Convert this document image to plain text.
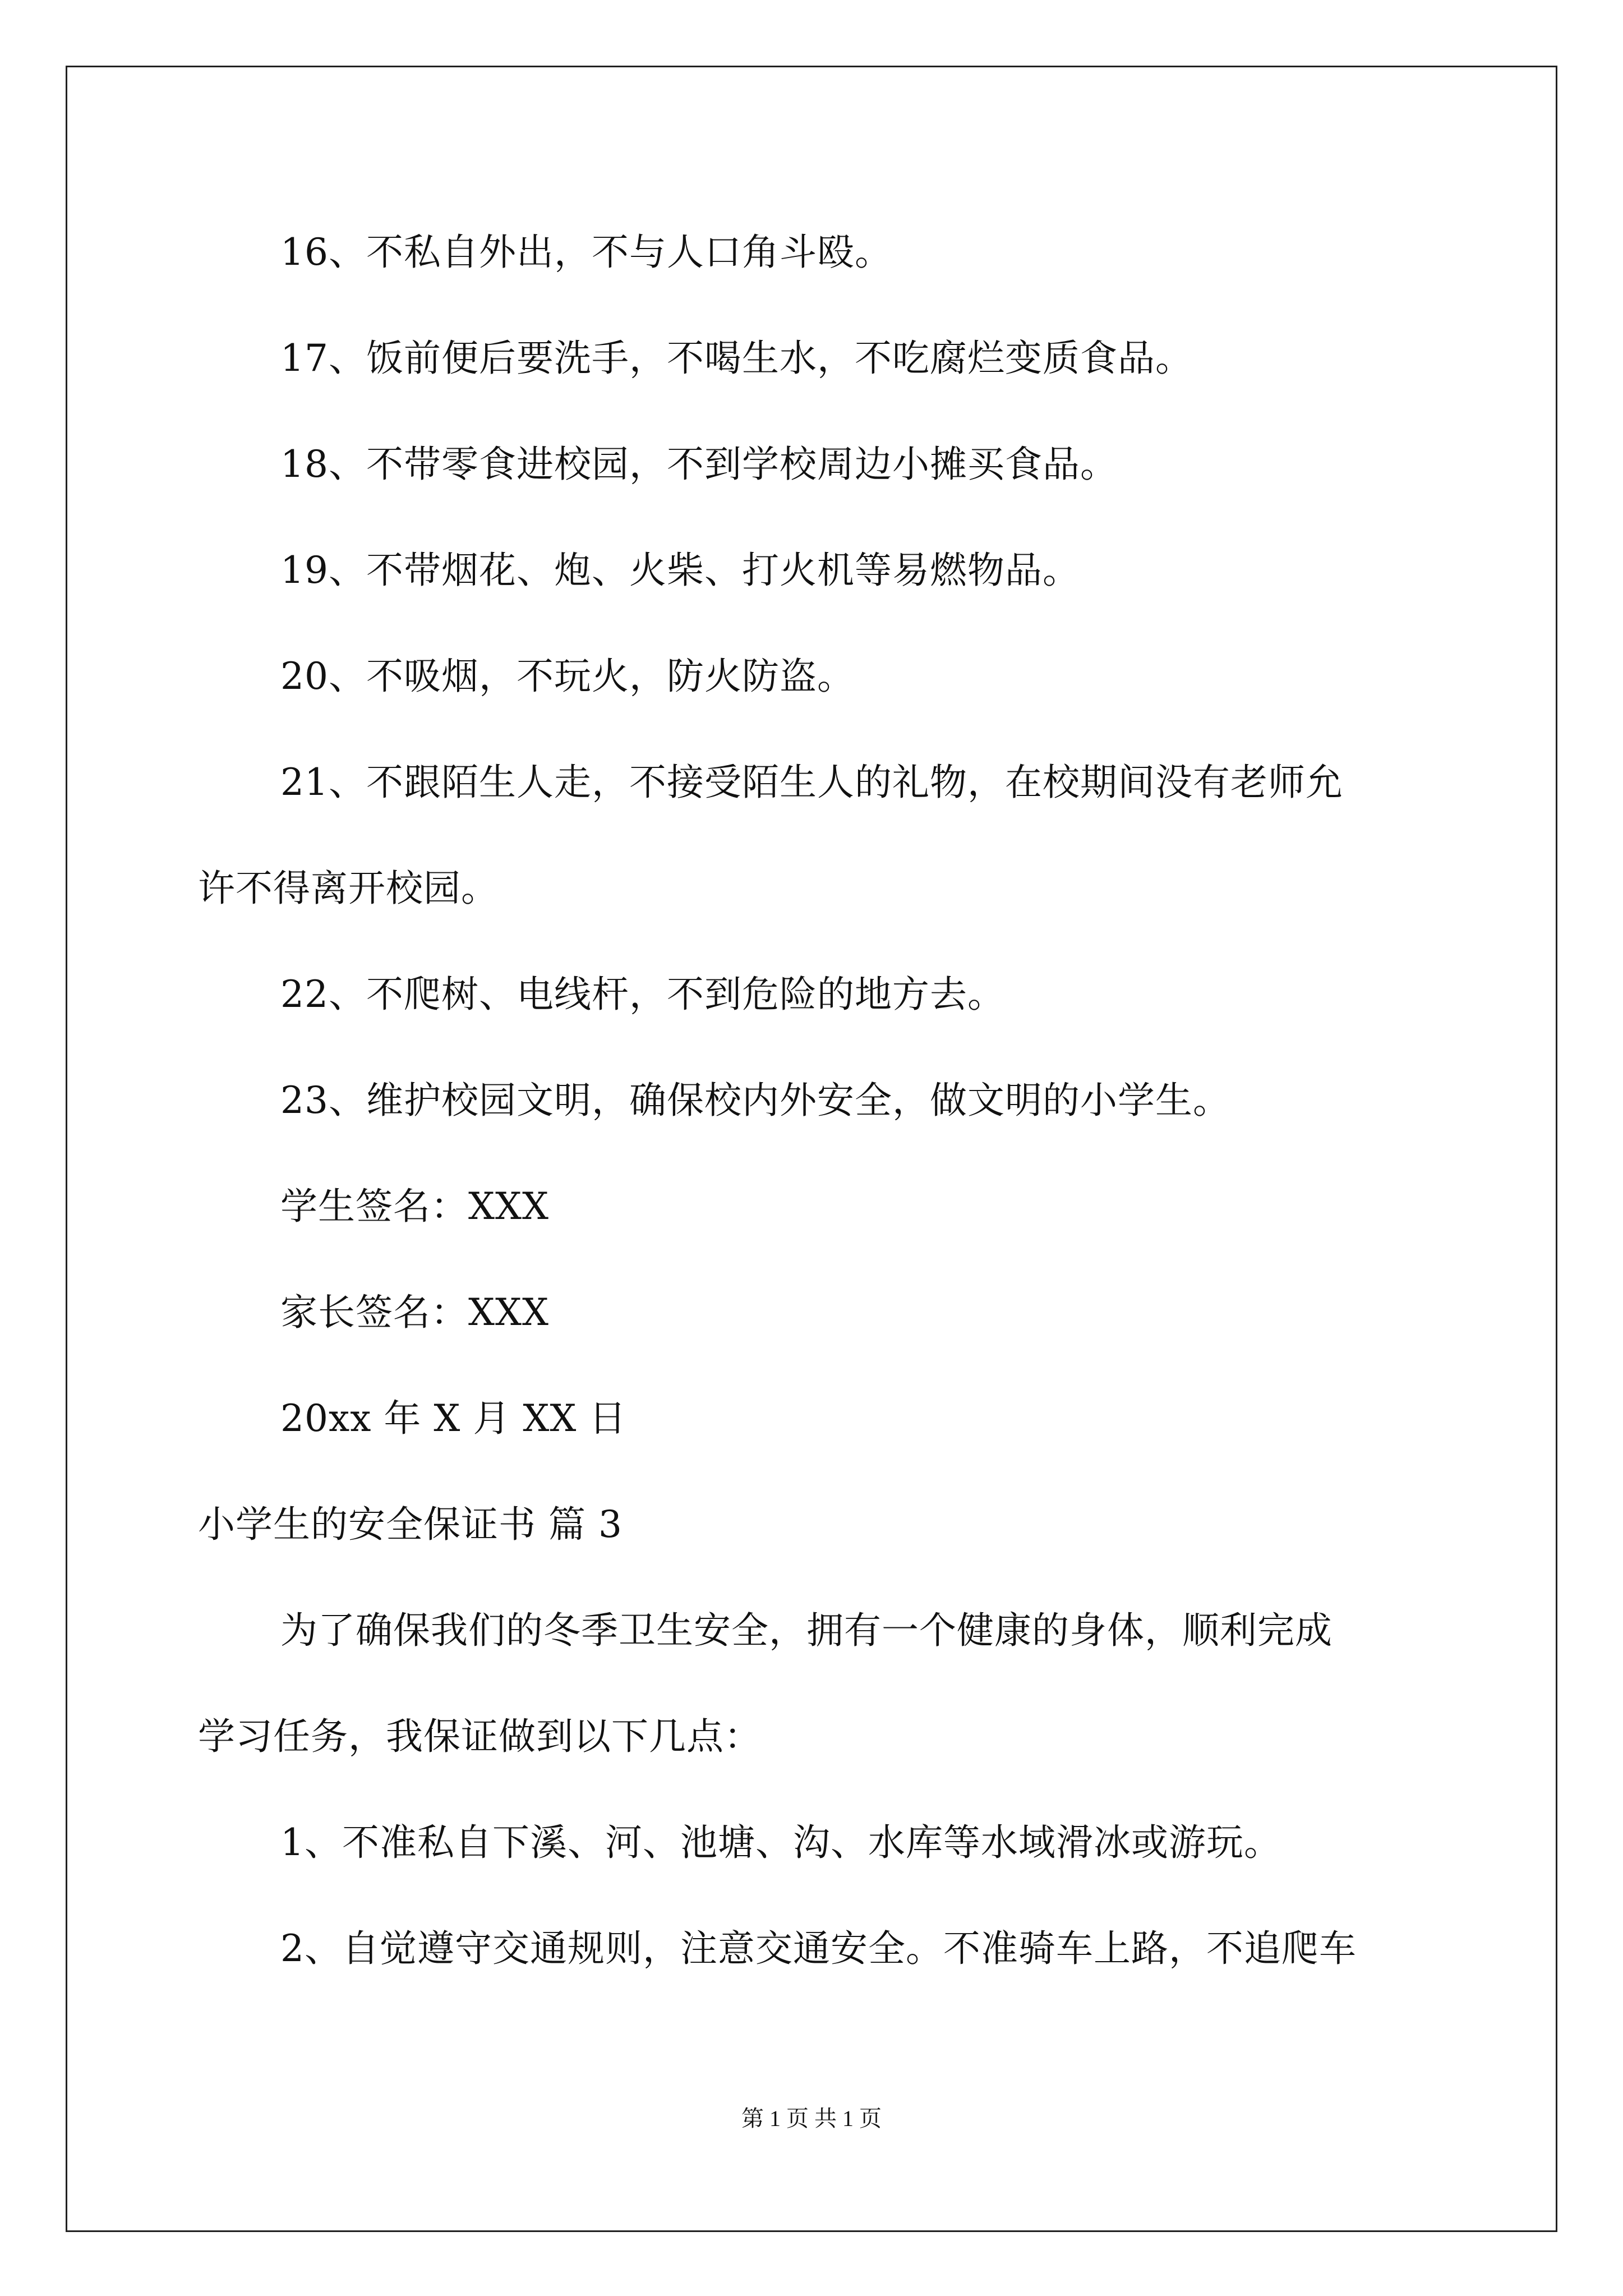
16、不私自外出，不与人口角斗殴。
17、饭前便后要洗手，不喝生水，不吃腐烂变质食品。
18、不带零食进校园，不到学校周边小摊买食品。
19、不带烟花、炮、火柴、打火机等易燃物品。
20、不吸烟，不玩火，防火防盗。
21、不跟陌生人走，不接受陌生人的礼物，在校期间没有老师允
许不得离开校园。
22、不爬树、电线杆，不到危险的地方去。
23、维护校园文明，确保校内外安全，做文明的小学生。
学生签名：XXX
家长签名：XXX
20xx 年 X 月 XX 日
小学生的安全保证书 篇 3
为了确保我们的冬季卫生安全，拥有一个健康的身体，顺利完成
学习任务，我保证做到以下几点：
1、不准私自下溪、河、池塘、沟、水库等水域滑冰或游玩。
2、自觉遵守交通规则，注意交通安全。不准骑车上路，不追爬车
第 1 页 共 1 页
